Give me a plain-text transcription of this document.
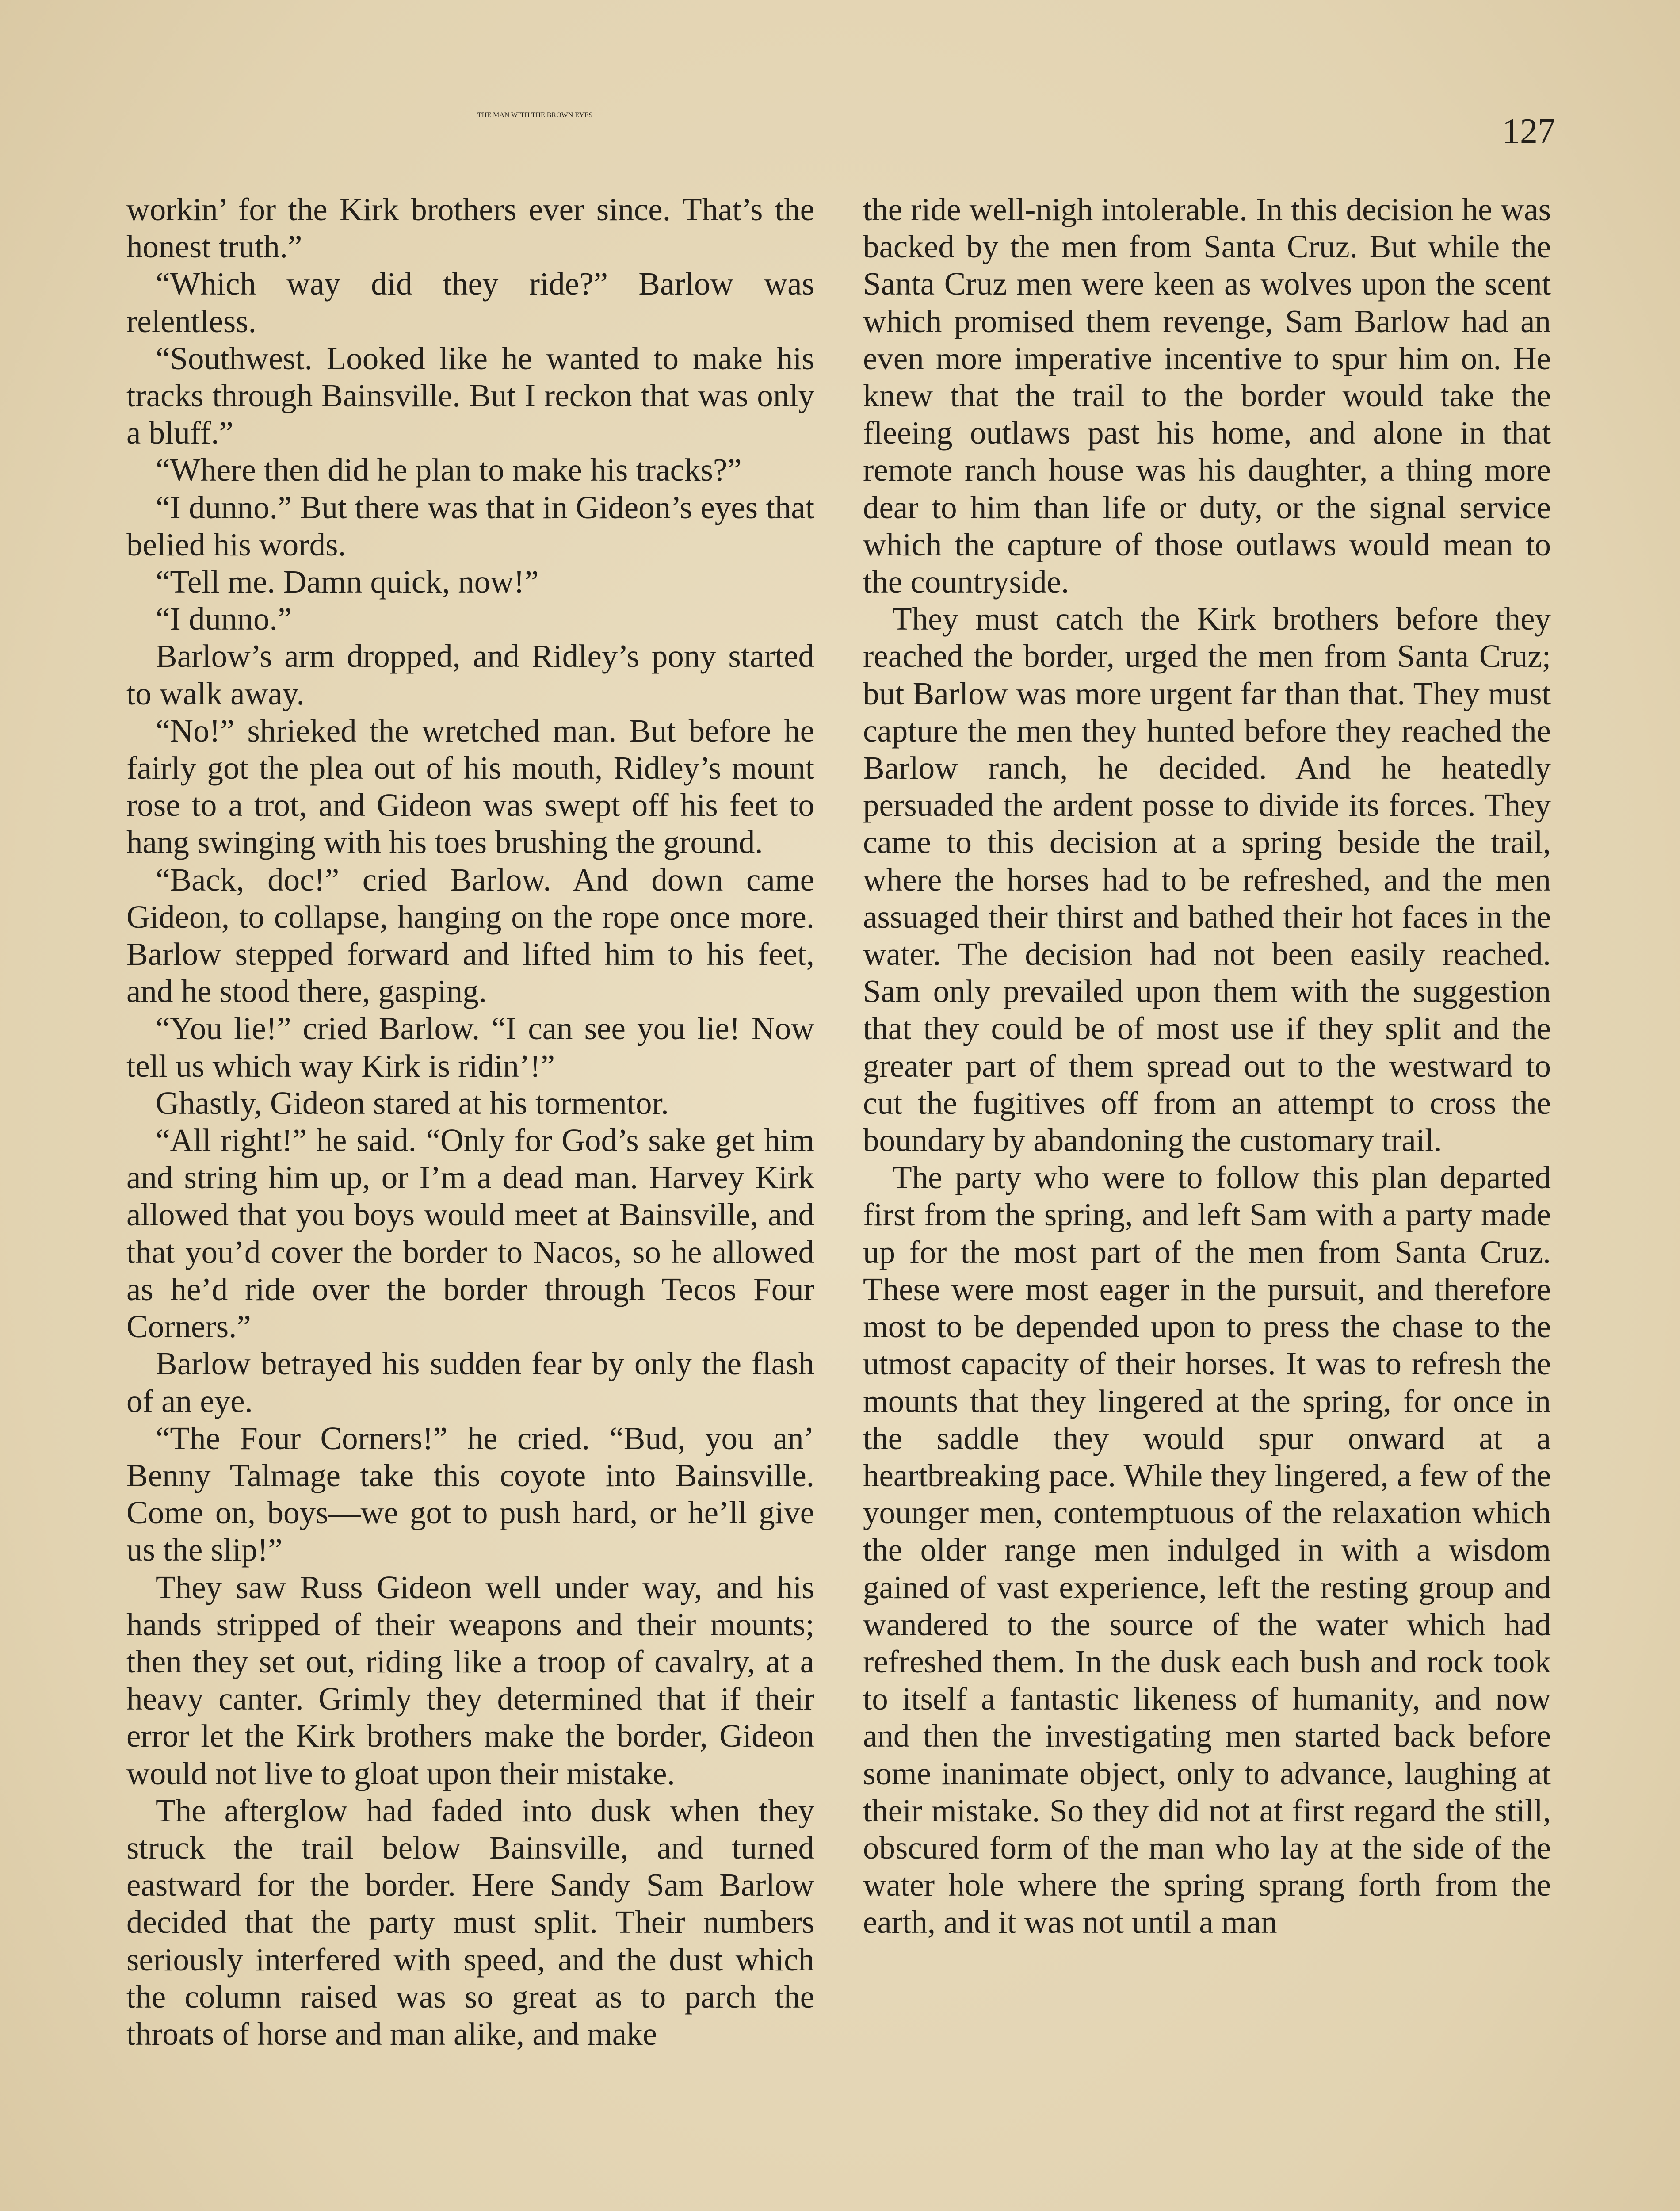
THE MAN WITH THE BROWN EYES	127

workin’ for the Kirk brothers ever since. That’s the honest truth.”

“Which way did they ride?” Barlow was relentless.

“Southwest. Looked like he wanted to make his tracks through Bainsville. But I reckon that was only a bluff.”

“Where then did he plan to make his tracks?”

“I dunno.” But there was that in Gideon’s eyes that belied his words.

“Tell me. Damn quick, now!”

“I dunno.”

Barlow’s arm dropped, and Ridley’s pony started to walk away.

“No!” shrieked the wretched man. But before he fairly got the plea out of his mouth, Ridley’s mount rose to a trot, and Gideon was swept off his feet to hang swinging with his toes brushing the ground.

“Back, doc!” cried Barlow. And down came Gideon, to collapse, hanging on the rope once more. Barlow stepped forward and lifted him to his feet, and he stood there, gasping.

“You lie!” cried Barlow. “I can see you lie! Now tell us which way Kirk is ridin’!”

Ghastly, Gideon stared at his tormentor.

“All right!” he said. “Only for God’s sake get him and string him up, or I’m a dead man. Harvey Kirk allowed that you boys would meet at Bainsville, and that you’d cover the border to Nacos, so he allowed as he’d ride over the border through Tecos Four Corners.”

Barlow betrayed his sudden fear by only the flash of an eye.

“The Four Corners!” he cried. “Bud, you an’ Benny Talmage take this coyote into Bainsville. Come on, boys—we got to push hard, or he’ll give us the slip!”

They saw Russ Gideon well under way, and his hands stripped of their weapons and their mounts; then they set out, riding like a troop of cavalry, at a heavy canter. Grimly they determined that if their error let the Kirk brothers make the border, Gideon would not live to gloat upon their mistake.

The afterglow had faded into dusk when they struck the trail below Bainsville, and turned eastward for the border. Here Sandy Sam Barlow decided that the party must split. Their numbers seriously interfered with speed, and the dust which the column raised was so great as to parch the throats of horse and man alike, and make

the ride well-nigh intolerable. In this decision he was backed by the men from Santa Cruz. But while the Santa Cruz men were keen as wolves upon the scent which promised them revenge, Sam Barlow had an even more imperative incentive to spur him on. He knew that the trail to the border would take the fleeing outlaws past his home, and alone in that remote ranch house was his daughter, a thing more dear to him than life or duty, or the signal service which the capture of those outlaws would mean to the countryside.

They must catch the Kirk brothers before they reached the border, urged the men from Santa Cruz; but Barlow was more urgent far than that. They must capture the men they hunted before they reached the Barlow ranch, he decided. And he heatedly persuaded the ardent posse to divide its forces. They came to this decision at a spring beside the trail, where the horses had to be refreshed, and the men assuaged their thirst and bathed their hot faces in the water. The decision had not been easily reached. Sam only prevailed upon them with the suggestion that they could be of most use if they split and the greater part of them spread out to the westward to cut the fugitives off from an attempt to cross the boundary by abandoning the customary trail.

The party who were to follow this plan departed first from the spring, and left Sam with a party made up for the most part of the men from Santa Cruz. These were most eager in the pursuit, and therefore most to be depended upon to press the chase to the utmost capacity of their horses. It was to refresh the mounts that they lingered at the spring, for once in the saddle they would spur onward at a heartbreaking pace. While they lingered, a few of the younger men, contemptuous of the relaxation which the older range men indulged in with a wisdom gained of vast experience, left the resting group and wandered to the source of the water which had refreshed them. In the dusk each bush and rock took to itself a fantastic likeness of humanity, and now and then the investigating men started back before some inanimate object, only to advance, laughing at their mistake. So they did not at first regard the still, obscured form of the man who lay at the side of the water hole where the spring sprang forth from the earth, and it was not until a man
